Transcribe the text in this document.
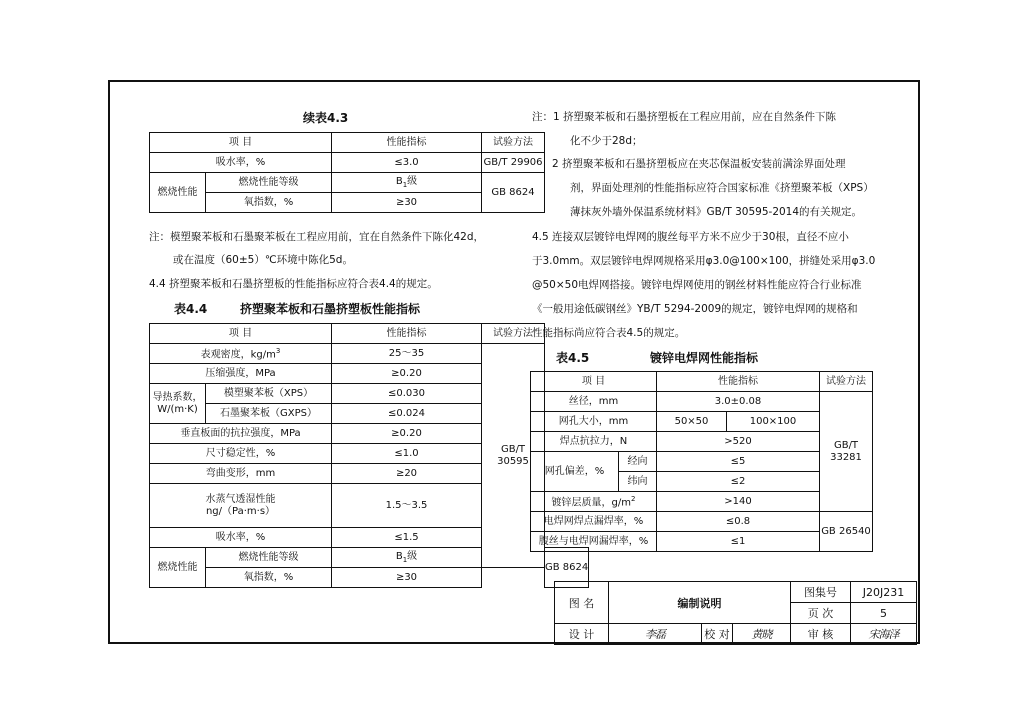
续表4.3
项 目		性能指标	试验方法
吸水率，%		≤3.0	GB/T 29906
燃烧性能	燃烧性能等级	$B_1$级	GB 8624
	氧指数，%	≥30	
注：模塑聚苯板和石墨聚苯板在工程应用前，宜在自然条件下陈化42d，
或在温度（60±5）℃环境中陈化5d。
4.4 挤塑聚苯板和石墨挤塑板的性能指标应符合表4.4的规定。
表4.4	挤塑聚苯板和石墨挤塑板性能指标
项 目		性能指标	试验方法	
表观密度，$kg/m^3$		25～35	GB/T
30595	

压缩强度，MPa		≥0.20		

导热系数，
W/(m·K)	模塑聚苯板（XPS）	≤0.030		
	石墨聚苯板（GXPS）	≤0.024		
垂直板面的抗拉强度，MPa		≥0.20		
尺寸稳定性，%		≤1.0		
弯曲变形，mm		≥20		

水蒸气透湿性能
ng/（Pa·m·s）		1.5～3.5		
吸水率，%		≤1.5		
燃烧性能	燃烧性能等级	$B_1$级		GB 8624
	氧指数，%	≥30		
注：1 挤塑聚苯板和石墨挤塑板在工程应用前，应在自然条件下陈
化不少于28d；
2 挤塑聚苯板和石墨挤塑板应在夹芯保温板安装前满涂界面处理
剂，界面处理剂的性能指标应符合国家标准《挤塑聚苯板（XPS）
薄抹灰外墙外保温系统材料》GB/T 30595-2014的有关规定。
4.5 连接双层镀锌电焊网的腹丝每平方米不应少于30根，直径不应小
于3.0mm。双层镀锌电焊网规格采用φ3.0@100×100，拼缝处采用φ3.0
@50×50电焊网搭接。镀锌电焊网使用的钢丝材料性能应符合行业标准
《一般用途低碳钢丝》YB/T 5294-2009的规定，镀锌电焊网的规格和
性能指标尚应符合表4.5的规定。
表4.5	镀锌电焊网性能指标
项 目		性能指标		试验方法
丝径，mm		3.0±0.08		GB/T
33281

网孔大小，mm		50×50	100×100	
焊点抗拉力，N		>520		
网孔偏差，%	经向	≤5		
	纬向	≤2		
镀锌层质量，$g/m^2$		>140		
电焊网焊点漏焊率，%		≤0.8		GB 26540
腹丝与电焊网漏焊率，%		≤1		
图 名	编制说明			图集号	J20J231
				页 次	5
设 计	李磊	校 对	黄晓	审 核	宋海泽
